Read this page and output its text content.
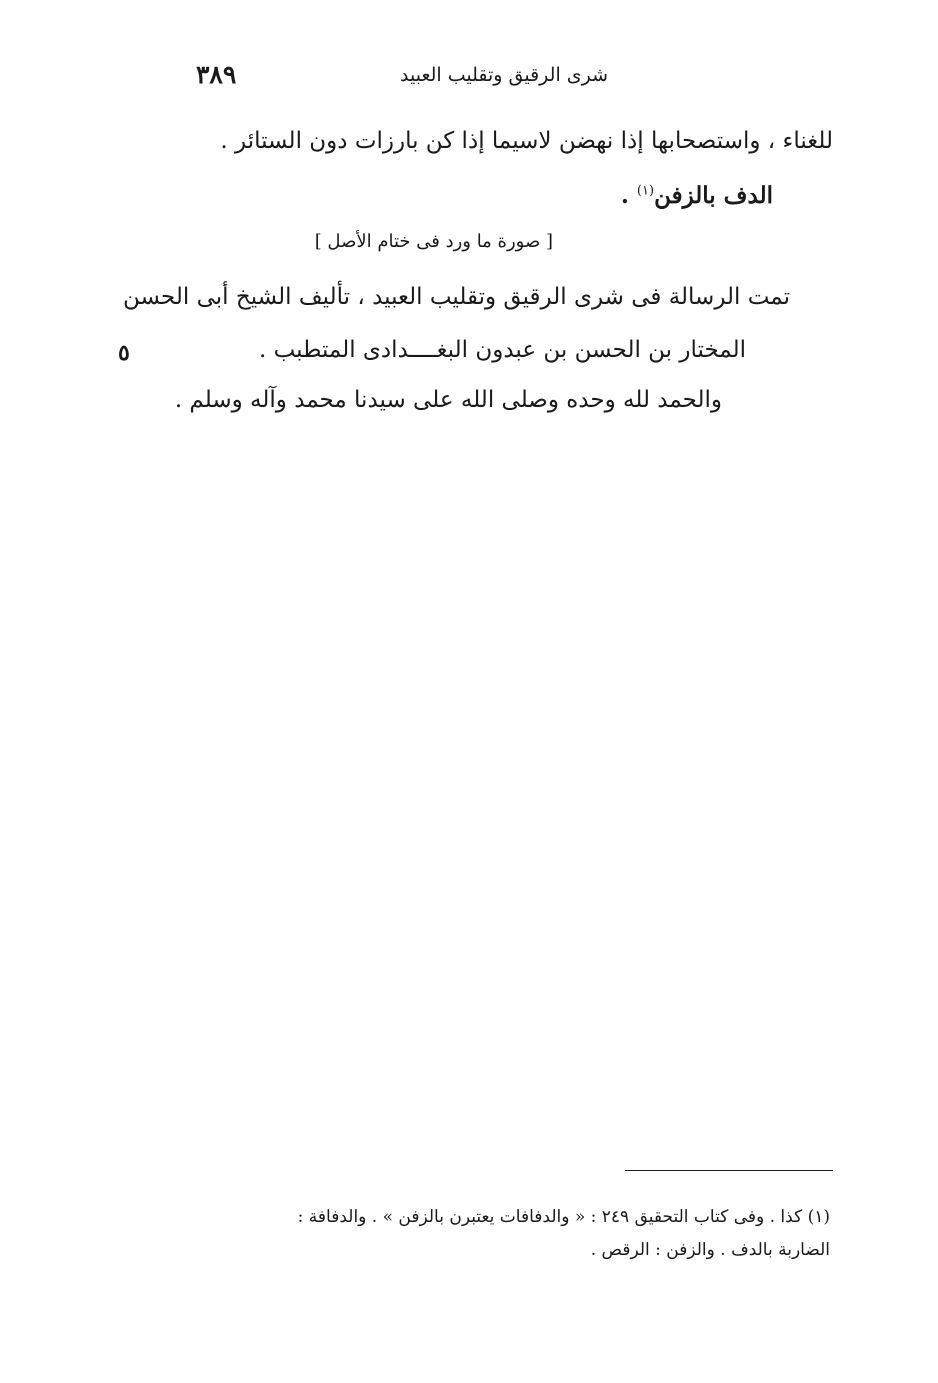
٣٨٩	شرى الرقيق وتقليب العبيد
للغناء ، واستصحابها إذا نهضن لاسيما إذا كن بارزات دون الستائر .
الدف بالزفن$^{(١)}$ .
[ صورة ما ورد فى ختام الأصل ]
تمت الرسالة فى شرى الرقيق وتقليب العبيد ، تأليف الشيخ أبى الحسن
المختار بن الحسن بن عبدون البغــــدادى المتطبب .
والحمد لله وحده وصلى الله على سيدنا محمد وآله وسلم .
٥
(١) كذا . وفى كتاب التحقيق ٢٤٩ : « والدفافات يعتبرن بالزفن » . والدفافة :
الضاربة بالدف . والزفن : الرقص .
